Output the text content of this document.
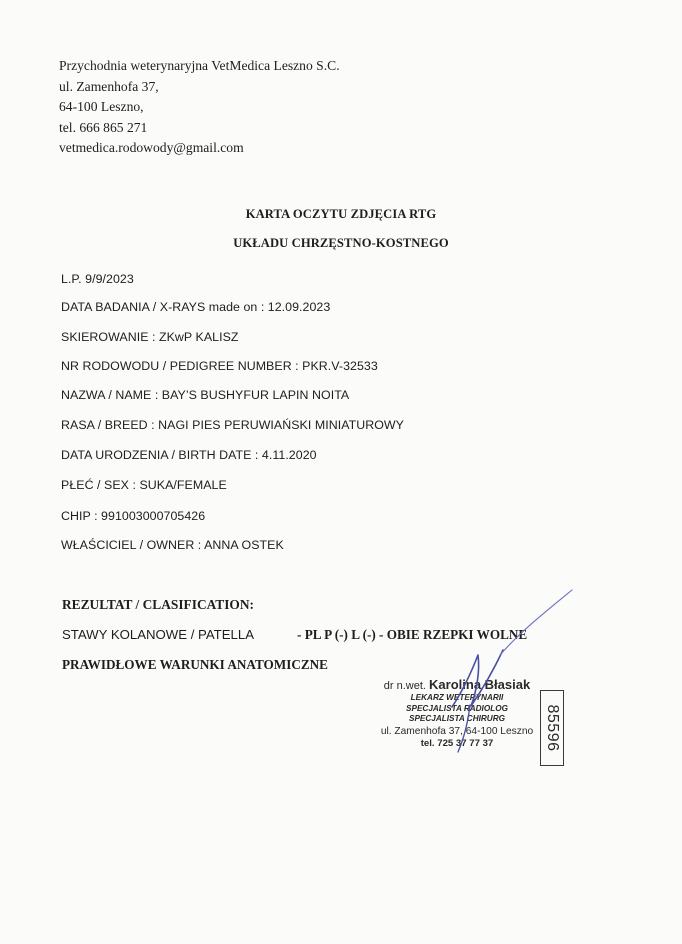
Przychodnia weterynaryjna VetMedica Leszno S.C.
ul. Zamenhofa 37,
64-100 Leszno,
tel. 666 865 271
vetmedica.rodowody@gmail.com
KARTA OCZYTU ZDJĘCIA RTG
UKŁADU CHRZĘSTNO-KOSTNEGO
L.P. 9/9/2023
DATA BADANIA / X-RAYS made on : 12.09.2023
SKIEROWANIE : ZKwP KALISZ
NR RODOWODU / PEDIGREE NUMBER : PKR.V-32533
NAZWA / NAME : BAY’S BUSHYFUR LAPIN NOITA
RASA / BREED : NAGI PIES PERUWIAŃSKI MINIATUROWY
DATA URODZENIA / BIRTH DATE : 4.11.2020
PŁEĆ / SEX : SUKA/FEMALE
CHIP : 991003000705426
WŁAŚCICIEL / OWNER : ANNA OSTEK
REZULTAT / CLASIFICATION:
STAWY KOLANOWE / PATELLA	- PL P (-) L (-) - OBIE RZEPKI WOLNE
PRAWIDŁOWE WARUNKI ANATOMICZNE
dr n.wet. Karolina Błasiak
LEKARZ WETERYNARII
SPECJALISTA RADIOLOG
SPECJALISTA CHIRURG
ul. Zamenhofa 37, 64-100 Leszno
tel. 725 37 77 37	85596
